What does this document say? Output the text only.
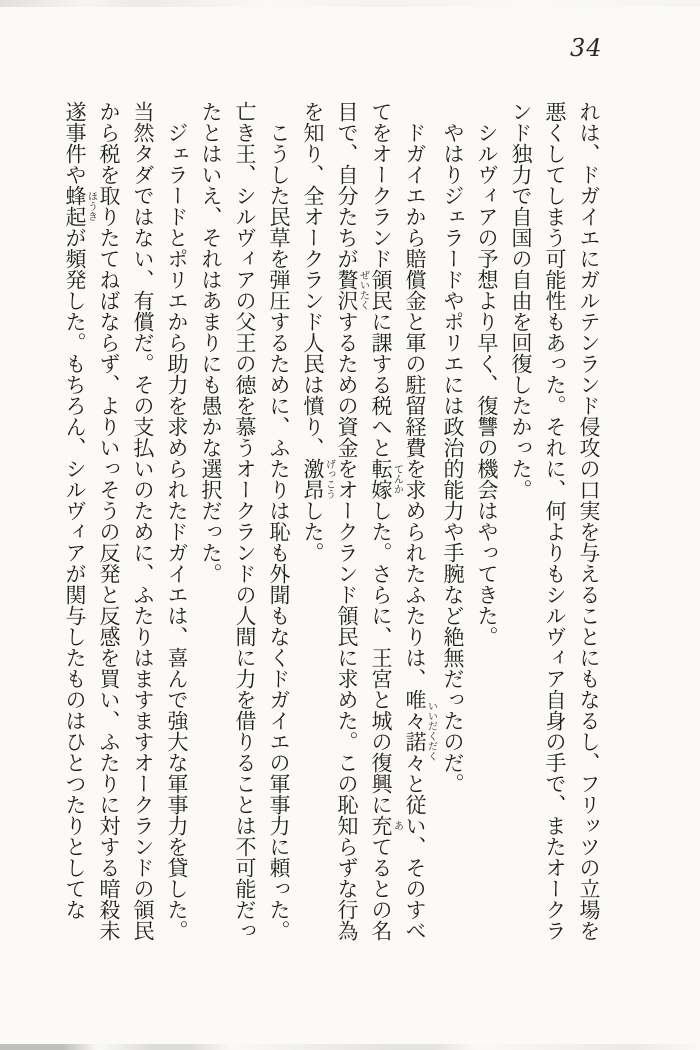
34

れは、ドガイエにガルテンランド侵攻の口実を与えることにもなるし、フリッツの立場を悪くしてしまう可能性もあった。それに、何よりもシルヴィア自身の手で、またオークランド独力で自国の自由を回復したかった。

シルヴィアの予想より早く、復讐の機会はやってきた。

やはりジェラードやポリエには政治的能力や手腕など絶無だったのだ。

ドガイエから賠償金と軍の駐留経費を求められたふたりは、唯々諾々いいだくだくと従い、そのすべてをオークランド領民に課する税へと転嫁てんかした。さらに、王宮と城の復興に充あてるとの名目で、自分たちが贅沢ぜいたくするための資金をオークランド領民に求めた。この恥知らずな行為を知り、全オークランド人民は憤り、激昂げっこうした。

こうした民草を弾圧するために、ふたりは恥も外聞もなくドガイエの軍事力に頼った。亡き王、シルヴィアの父王の徳を慕うオークランドの人間に力を借りることは不可能だったとはいえ、それはあまりにも愚かな選択だった。

ジェラードとポリエから助力を求められたドガイエは、喜んで強大な軍事力を貸した。当然タダではない、有償だ。その支払いのために、ふたりはますますオークランドの領民から税を取りたてねばならず、よりいっそうの反発と反感を買い、ふたりに対する暗殺未遂事件や蜂起ほうきが頻発した。もちろん、シルヴィアが関与したものはひとつたりとしてな
